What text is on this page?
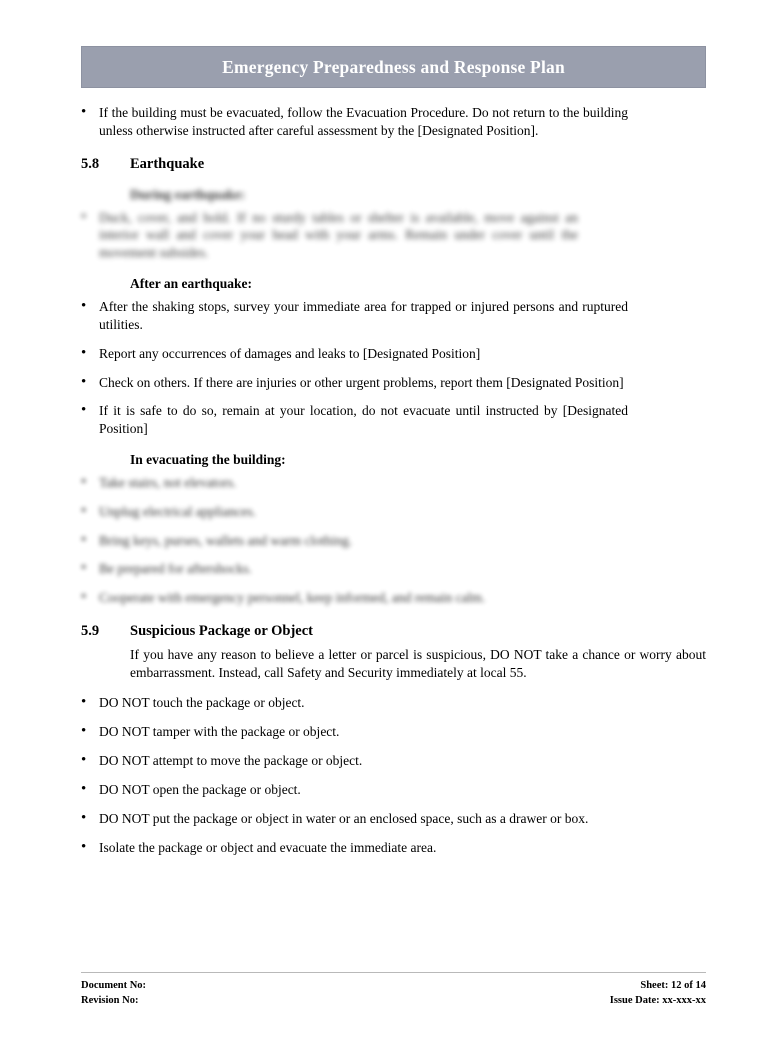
Emergency Preparedness and Response Plan
• If the building must be evacuated, follow the Evacuation Procedure. Do not return to the building unless otherwise instructed after careful assessment by the [Designated Position].
5.8	Earthquake
During earthquake:
• Duck, cover, and hold. If no sturdy tables or shelter is available, move against an interior wall and cover your head with your arms. Remain under cover until the movement subsides.
After an earthquake:
• After the shaking stops, survey your immediate area for trapped or injured persons and ruptured utilities.
• Report any occurrences of damages and leaks to [Designated Position]
• Check on others. If there are injuries or other urgent problems, report them [Designated Position]
• If it is safe to do so, remain at your location, do not evacuate until instructed by [Designated Position]
In evacuating the building:
• Take stairs, not elevators.
• Unplug electrical appliances.
• Bring keys, purses, wallets and warm clothing.
• Be prepared for aftershocks.
• Cooperate with emergency personnel, keep informed, and remain calm.
5.9	Suspicious Package or Object
If you have any reason to believe a letter or parcel is suspicious, DO NOT take a chance or worry about embarrassment. Instead, call Safety and Security immediately at local 55.
• DO NOT touch the package or object.
• DO NOT tamper with the package or object.
• DO NOT attempt to move the package or object.
• DO NOT open the package or object.
• DO NOT put the package or object in water or an enclosed space, such as a drawer or box.
• Isolate the package or object and evacuate the immediate area.
Document No:
Revision No:
Sheet: 12 of 14
Issue Date: xx-xxx-xx
